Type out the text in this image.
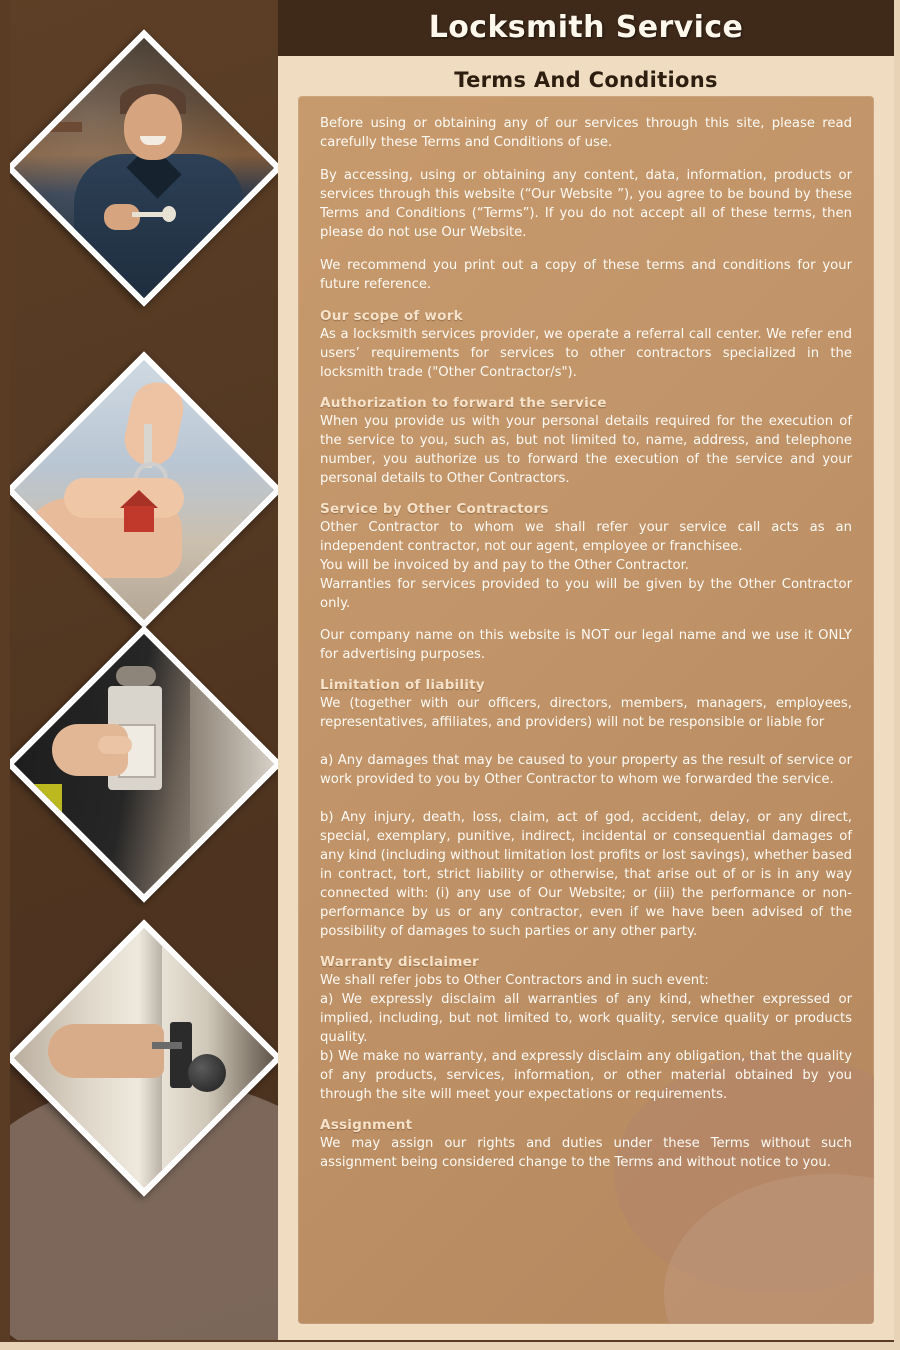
Locksmith Service
Terms And Conditions

Before using or obtaining any of our services through this site, please read carefully these Terms and Conditions of use.

By accessing, using or obtaining any content, data, information, products or services through this website (“Our Website ”), you agree to be bound by these Terms and Conditions (“Terms”). If you do not accept all of these terms, then please do not use Our Website.

We recommend you print out a copy of these terms and conditions for your future reference.

Our scope of work
As a locksmith services provider, we operate a referral call center. We refer end users’ requirements for services to other contractors specialized in the locksmith trade ("Other Contractor/s").
Authorization to forward the service
When you provide us with your personal details required for the execution of the service to you, such as, but not limited to, name, address, and telephone number, you authorize us to forward the execution of the service and your personal details to Other Contractors.
Service by Other Contractors
Other Contractor to whom we shall refer your service call acts as an independent contractor, not our agent, employee or franchisee.
You will be invoiced by and pay to the Other Contractor.
Warranties for services provided to you will be given by the Other Contractor only.
Our company name on this website is NOT our legal name and we use it ONLY for advertising purposes.
Limitation of liability
We (together with our officers, directors, members, managers, employees, representatives, affiliates, and providers) will not be responsible or liable for
a) Any damages that may be caused to your property as the result of service or work provided to you by Other Contractor to whom we forwarded the service.
b) Any injury, death, loss, claim, act of god, accident, delay, or any direct, special, exemplary, punitive, indirect, incidental or consequential damages of any kind (including without limitation lost profits or lost savings), whether based in contract, tort, strict liability or otherwise, that arise out of or is in any way connected with: (i) any use of Our Website; or (iii) the performance or non-performance by us or any contractor, even if we have been advised of the possibility of damages to such parties or any other party.
Warranty disclaimer
We shall refer jobs to Other Contractors and in such event:
a) We expressly disclaim all warranties of any kind, whether expressed or implied, including, but not limited to, work quality, service quality or products quality.
b) We make no warranty, and expressly disclaim any obligation, that the quality of any products, services, information, or other material obtained by you through the site will meet your expectations or requirements.
Assignment
We may assign our rights and duties under these Terms without such assignment being considered change to the Terms and without notice to you.
